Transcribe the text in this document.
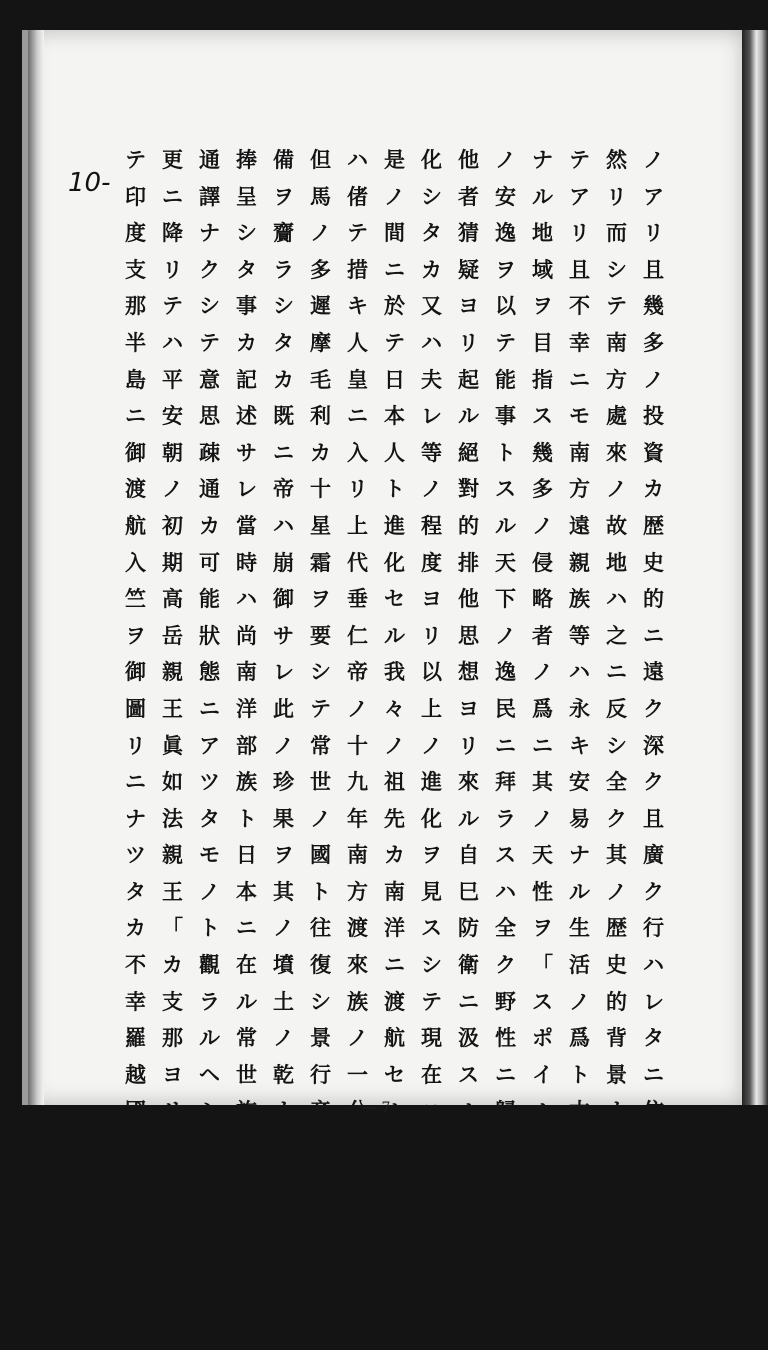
10-
ノ
ア
リ
且
幾
多
ノ
投
資
カ
歴
史
的
ニ
遠
ク
深
ク
且
廣
ク
行
ハ
レ
タ
ニ
依
ル
‥
然
リ
而
シ
テ
南
方
處
來
ノ
故
地
ハ
之
ニ
反
シ
全
ク
其
ノ
歴
史
的
背
景
カ
極
メ
テ
貧
弱
テ
ア
リ
且
不
幸
ニ
モ
南
方
遠
親
族
等
ハ
永
キ
安
易
ナ
ル
生
活
ノ
爲
ト
古
來
其
ノ
豐
饒
ナ
ル
地
域
ヲ
目
指
ス
幾
多
ノ
侵
略
者
ノ
爲
ニ
其
ノ
天
性
ヲ
「
ス
ポ
イ
ル
」
サ
レ
現
在
ノ
安
逸
ヲ
以
テ
能
事
ト
ス
ル
天
下
ノ
逸
民
ニ
拜
ラ
ス
ハ
全
ク
野
性
ニ
歸
シ
タ
極
度
ノ
他
者
猜
疑
ヨ
リ
起
ル
絕
對
的
排
他
思
想
ヨ
リ
來
ル
自
巳
防
衛
ニ
汲
ス
ル
所
謂
蠻
族
ト
化
シ
タ
カ
又
ハ
夫
レ
等
ノ
程
度
ヨ
リ
以
上
ノ
進
化
ヲ
見
ス
シ
テ
現
在
ニ
到
テ
居
ル
是
ノ
間
ニ
於
テ
日
本
人
ト
進
化
セ
ル
我
々
ノ
祖
先
カ
南
洋
ニ
渡
航
セ
ル
史
實
ハ
神
代
ハ
偖
テ
措
キ
人
皇
ニ
入
リ
上
代
垂
仁
帝
ノ
十
九
年
南
方
渡
來
族
ノ
一
分
國
ト
サ
レ
ル
但
馬
ノ
多
遲
摩
毛
利
カ
十
星
霜
ヲ
要
シ
テ
常
世
ノ
國
ト
往
復
シ
景
行
帝
元
年
三
月
耐
備
ヲ
齎
ラ
シ
タ
カ
既
ニ
帝
ハ
崩
御
サ
レ
此
ノ
珍
果
ヲ
其
ノ
墳
土
ノ
乾
カ
サ
ル
御
陵
ニ
捧
呈
シ
タ
事
カ
記
述
サ
レ
當
時
ハ
尚
南
洋
部
族
ト
日
本
ニ
在
ル
常
世
族
ト
ノ
言
語
ハ
通
譯
ナ
ク
シ
テ
意
思
疎
通
カ
可
能
狀
態
ニ
ア
ツ
タ
モ
ノ
ト
觀
ラ
ル
ヘ
シ
更
ニ
降
リ
テ
ハ
平
安
朝
ノ
初
期
高
岳
親
王
眞
如
法
親
王
「
カ
支
那
ヨ
リ
海
路
ヲ
採
ラ
レ
テ
印
度
支
那
半
島
ニ
御
渡
航
入
竺
ヲ
御
圖
リ
ニ
ナ
ツ
タ
カ
不
幸
羅
越
國
「
「
ラ
オ
ス
」
— 7
